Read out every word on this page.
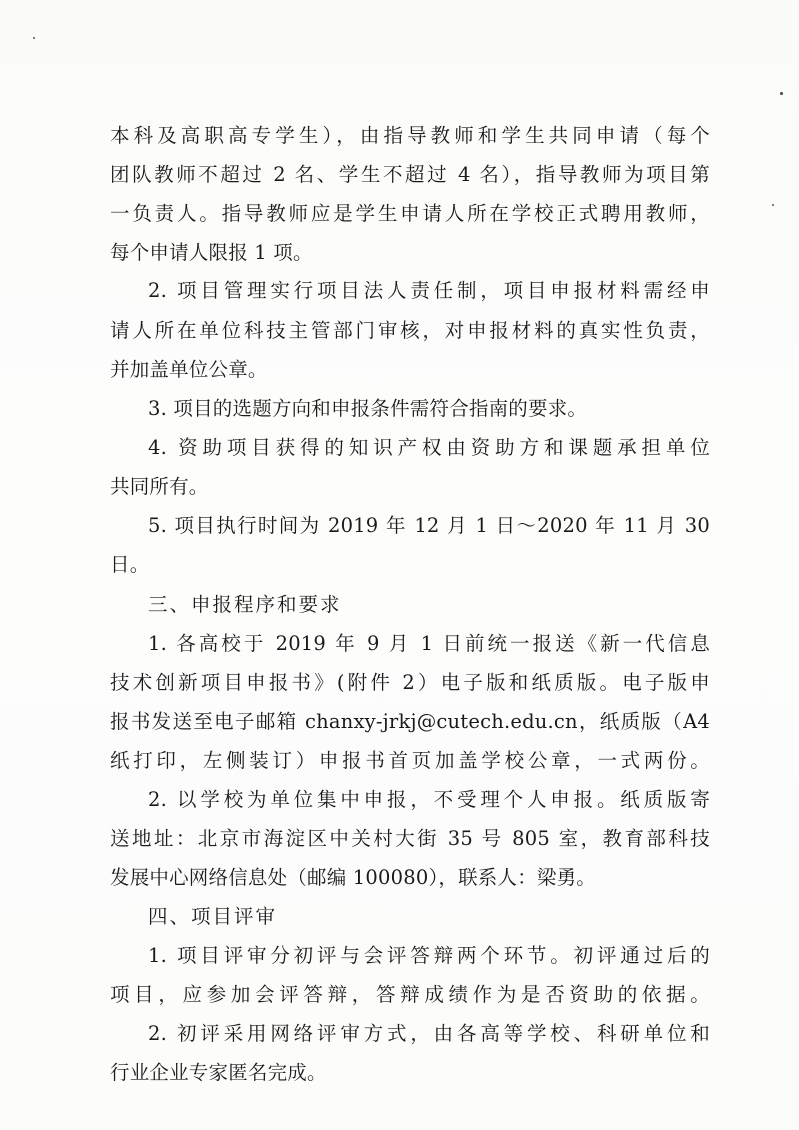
本科及高职高专学生），由指导教师和学生共同申请（每个
团队教师不超过 2 名、学生不超过 4 名），指导教师为项目第
一负责人。指导教师应是学生申请人所在学校正式聘用教师，
每个申请人限报 1 项。
2. 项目管理实行项目法人责任制，项目申报材料需经申
请人所在单位科技主管部门审核，对申报材料的真实性负责，
并加盖单位公章。
3. 项目的选题方向和申报条件需符合指南的要求。
4. 资助项目获得的知识产权由资助方和课题承担单位
共同所有。
5. 项目执行时间为 2019 年 12 月 1 日～2020 年 11 月 30
日。
三、申报程序和要求
1. 各高校于 2019 年 9 月 1 日前统一报送《新一代信息
技术创新项目申报书》(附件 2）电子版和纸质版。电子版申
报书发送至电子邮箱 chanxy-jrkj@cutech.edu.cn，纸质版（A4
纸打印，左侧装订）申报书首页加盖学校公章，一式两份。
2. 以学校为单位集中申报，不受理个人申报。纸质版寄
送地址：北京市海淀区中关村大街 35 号 805 室，教育部科技
发展中心网络信息处（邮编 100080），联系人：梁勇。
四、项目评审
1. 项目评审分初评与会评答辩两个环节。初评通过后的
项目，应参加会评答辩，答辩成绩作为是否资助的依据。
2. 初评采用网络评审方式，由各高等学校、科研单位和
行业企业专家匿名完成。
